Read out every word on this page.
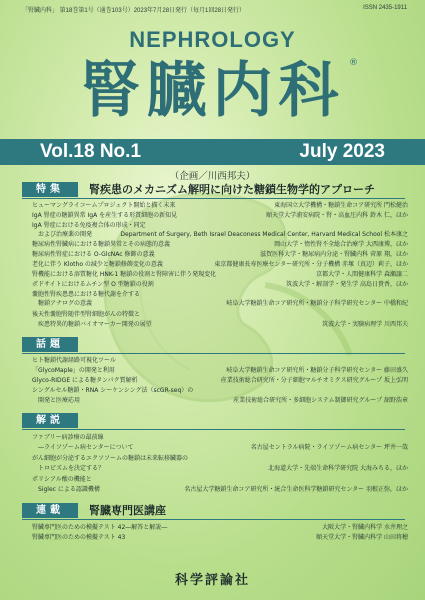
「腎臓内科」 第18巻第1号（通巻103号）2023年7月28日発行（毎月1回28日発行）	ISSN 2435-1911
NEPHROLOGY
腎臓内科 ®
Vol.18 No.1	July 2023
（企画／川西邦夫）
特集	腎疾患のメカニズム解明に向けた糖鎖生物学的アプローチ
ヒューマングライコームプロジェクト開始と描く未来	東海国立大学機構・糖鎖生命コア研究所 門松健治
IgA 腎症の糖鎖異常 IgA を産生する形質細胞の新知見	順天堂大学浦安病院・腎・高血圧内科 鈴木 仁，ほか
IgA 腎症における免疫複合体の形成・同定
　および治療薬の開発	Department of Surgery, Beth Israel Deaconess Medical Center, Harvard Medical School 松本康之
糖尿病性腎臓病における糖鎖異常とその病態的意義	岡山大学・惰性腎不全総合治療学 大西康博，ほか
糖尿病性腎症における O-GlcNAc 修飾の意義	滋賀医科大学・糖尿病内分泌・腎臓内科 菅原 翔，ほか
老化に伴う Klotho の減少と糖鎖修飾変化の意義	東京都健康長寿医療センター研究所・分子機構 赤塚（真辺）莉子，ほか
腎機能における溶質糖化 HNK-1 糖鎖の役割と腎障害に伴う発現変化	京都大学・人間健康科学 森瀬譲二
ポドサイトにおけるムチン型 O 型糖鎖の役割	筑波大学・解剖学・発生学 高島日貴香，ほか
嚢胞性腎疾患患における糖代謝を介する
　糖鎖アナログの意義	岐阜大学糖鎖生命コア研究所・糖鎖分子科学研究センター 中橋和紀
後天性嚢胞腎随伴型腎細胞がんの特徴と
　疾患特異的糖鎖バイオマーカー開発の展望	筑波大学・実験病理学 川西邦夫
話題
ヒト糖鎖代謝経路可視化ツール
「GlycoMaple」の開発と利用	岐阜大学糖鎖生命コア研究所・糖鎖分子科学研究センター 藤田盛久
Glyco-RIDGE による糖タンパク質解析	産業技術総合研究所・分子細胞マルチオミクス研究グループ 坂上弘明
シングルセル糖鎖・RNA シーケンシング法（scGR-seq）の
　開発と医療応用	産業技術総合研究所・多細胞システム制御研究グループ 舘野浩章
解説
ファブリー病診療の最前線
　―ライソゾーム病センターについて	名古屋セントラル病院・ライソゾーム病センター 坪井一哉
がん細胞が分泌するエクソソームの糖鎖は未来転移臓器の
　トロピズムを決定する？	北海道大学・先端生命科学研究院 大海みちる，ほか
ポリシアル酸の機能と
　Siglec による認識機構	名古屋大学糖鎖生命コア研究所・統合生命医科学糖鎖研究センター 羽根正弥，ほか
連載	腎臓専門医講座
腎臓専門医のための模擬テスト 42―解答と解説―	大阪大学・腎臓内科学 水井理之
腎臓専門医のための模擬テスト 43	順天堂大学・腎臓内科学 山田将穂
科学評論社
